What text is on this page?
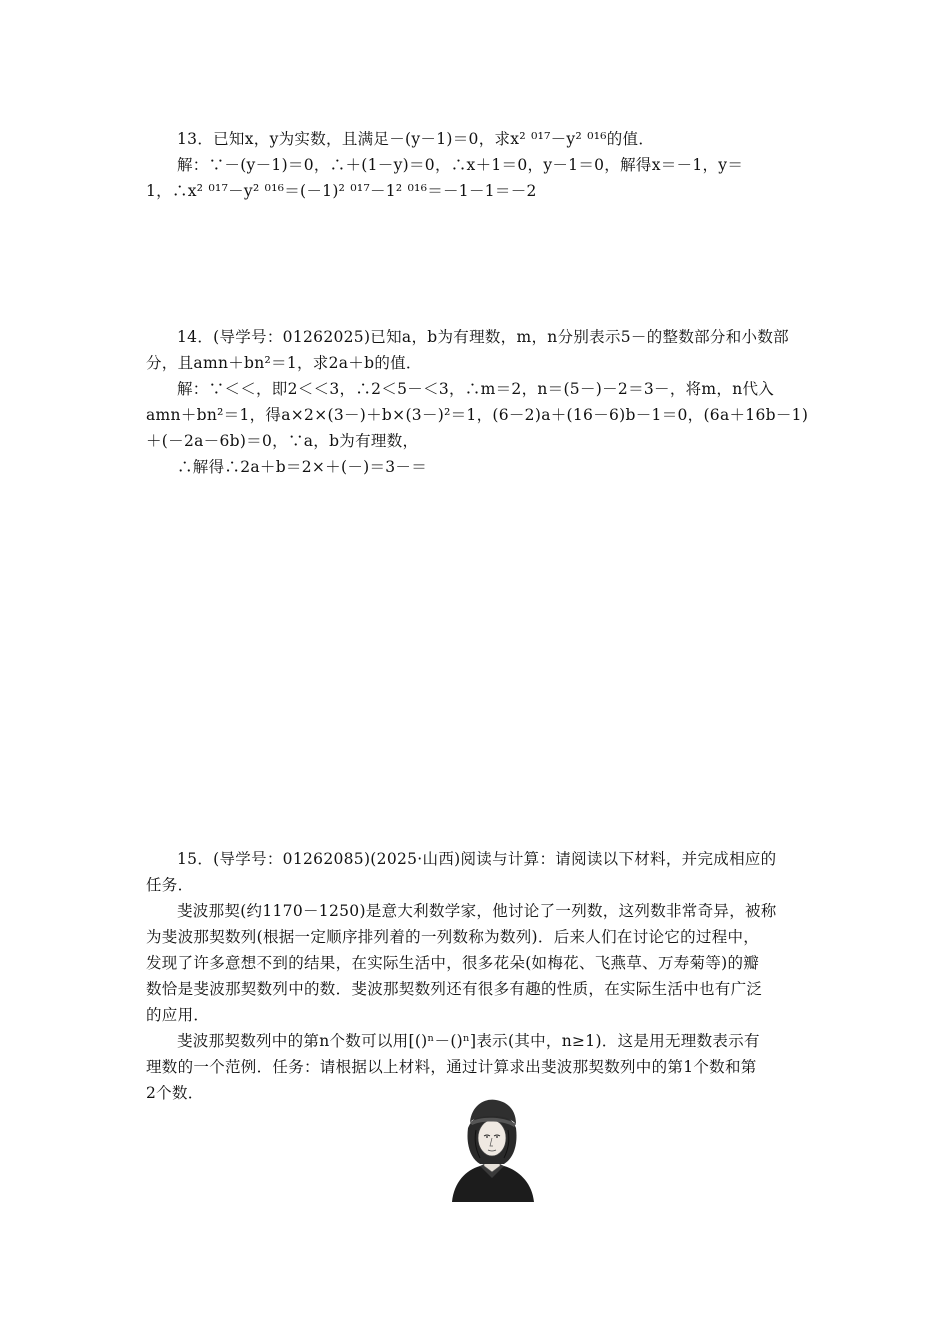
13．已知x，y为实数，且满足－(y－1)＝0，求x² ⁰¹⁷－y² ⁰¹⁶的值．
解：∵－(y－1)＝0，∴＋(1－y)＝0，∴x＋1＝0，y－1＝0，解得x＝－1，y＝
1，∴x² ⁰¹⁷－y² ⁰¹⁶＝(－1)² ⁰¹⁷－1² ⁰¹⁶＝－1－1＝－2
14．(导学号：01262025)已知a，b为有理数，m，n分别表示5－的整数部分和小数部
分，且amn＋bn²＝1，求2a＋b的值．
解：∵＜＜，即2＜＜3，∴2＜5－＜3，∴m＝2，n＝(5－)－2＝3－，将m，n代入
amn＋bn²＝1，得a×2×(3－)＋b×(3－)²＝1，(6－2)a＋(16－6)b－1＝0，(6a＋16b－1)
＋(－2a－6b)＝0，∵a，b为有理数，
∴解得∴2a＋b＝2×＋(－)＝3－＝
15．(导学号：01262085)(2025·山西)阅读与计算：请阅读以下材料，并完成相应的
任务．
斐波那契(约1170－1250)是意大利数学家，他讨论了一列数，这列数非常奇异，被称
为斐波那契数列(根据一定顺序排列着的一列数称为数列)．后来人们在讨论它的过程中，
发现了许多意想不到的结果，在实际生活中，很多花朵(如梅花、飞燕草、万寿菊等)的瓣
数恰是斐波那契数列中的数．斐波那契数列还有很多有趣的性质，在实际生活中也有广泛
的应用．
斐波那契数列中的第n个数可以用[()ⁿ－()ⁿ]表示(其中，n≥1)．这是用无理数表示有
理数的一个范例．任务：请根据以上材料，通过计算求出斐波那契数列中的第1个数和第
2个数．
